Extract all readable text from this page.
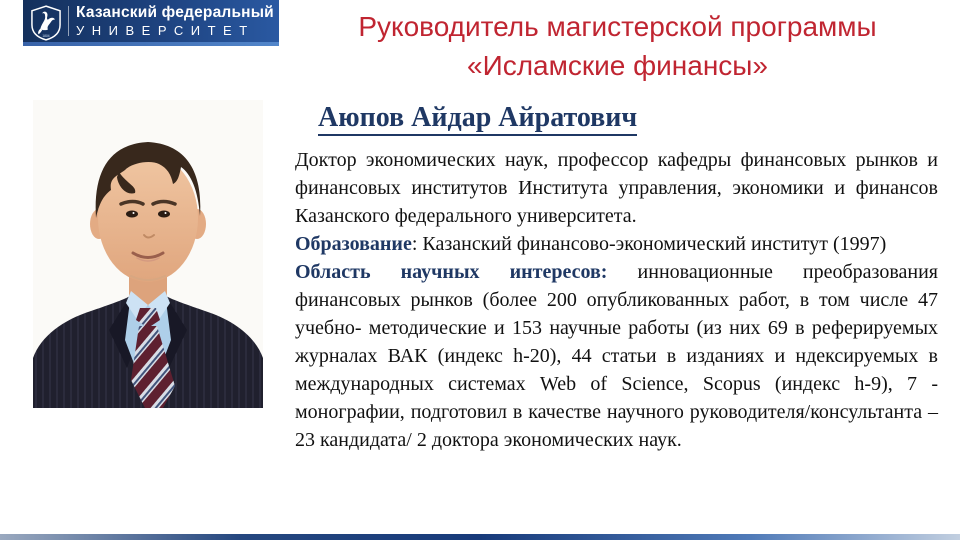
1804
Казанский федеральный
УНИВЕРСИТЕТ	Руководитель магистерской программы
«Исламские финансы»
Аюпов Айдар Айратович

Доктор экономических наук, профессор кафедры финансовых рынков и финансовых институтов Института управления, экономики и финансов Казанского федерального университета.

Образование: Казанский финансово-экономический институт (1997)

Область научных интересов: инновационные преобразования финансовых рынков (более 200 опубликованных работ, в том числе 47 учебно- методические и 153 научные работы (из них 69 в реферируемых журналах ВАК (индекс h-20), 44 статьи в изданиях и ндексируемых в международных системах Web of Science, Scopus (индекс h-9), 7 - монографии, подготовил в качестве научного руководителя/консультанта – 23 кандидата/ 2 доктора экономических наук.
